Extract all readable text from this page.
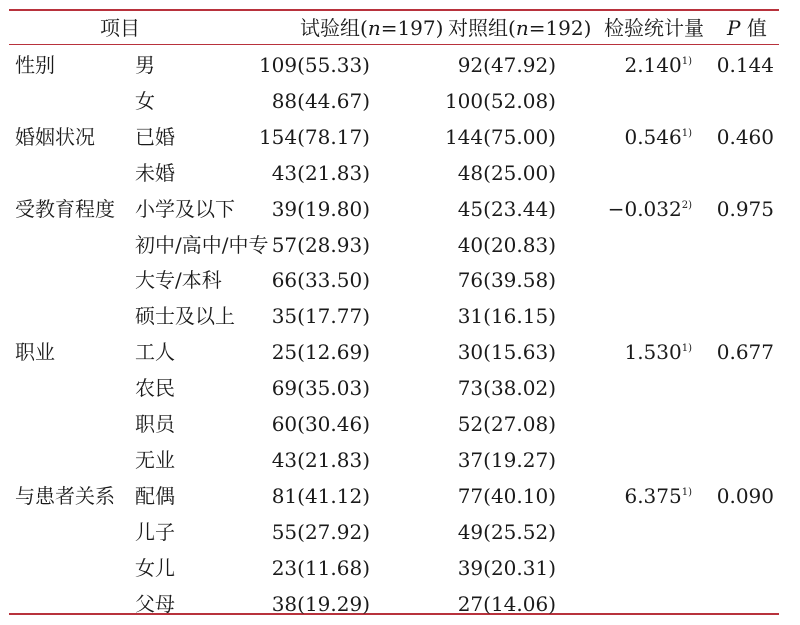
项目	试验组(n=197) 对照组(n=192) 检验统计量 P 值
性别	男	109(55.33)	92(47.92)	2.140$^{1)}$ 0.144
女	88(44.67)	100(52.08)
婚姻状况 已婚	154(78.17)	144(75.00)	0.546$^{1)}$ 0.460
未婚	43(21.83)	48(25.00)
受教育程度 小学及以下 39(19.80)	45(23.44)	$-0.032^{2)}$ 0.975
初中/高中/中专 57(28.93)	40(20.83)
大专/本科 66(33.50)	76(39.58)
硕士及以上 35(17.77)	31(16.15)
职业	工人	25(12.69)	30(15.63)	1.530$^{1)}$ 0.677
农民	69(35.03)	73(38.02)
职员	60(30.46)	52(27.08)
无业	43(21.83)	37(19.27)
与患者关系 配偶	81(41.12)	77(40.10)	6.375$^{1)}$ 0.090
儿子	55(27.92)	49(25.52)
女儿	23(11.68)	39(20.31)
父母	38(19.29)	27(14.06)
